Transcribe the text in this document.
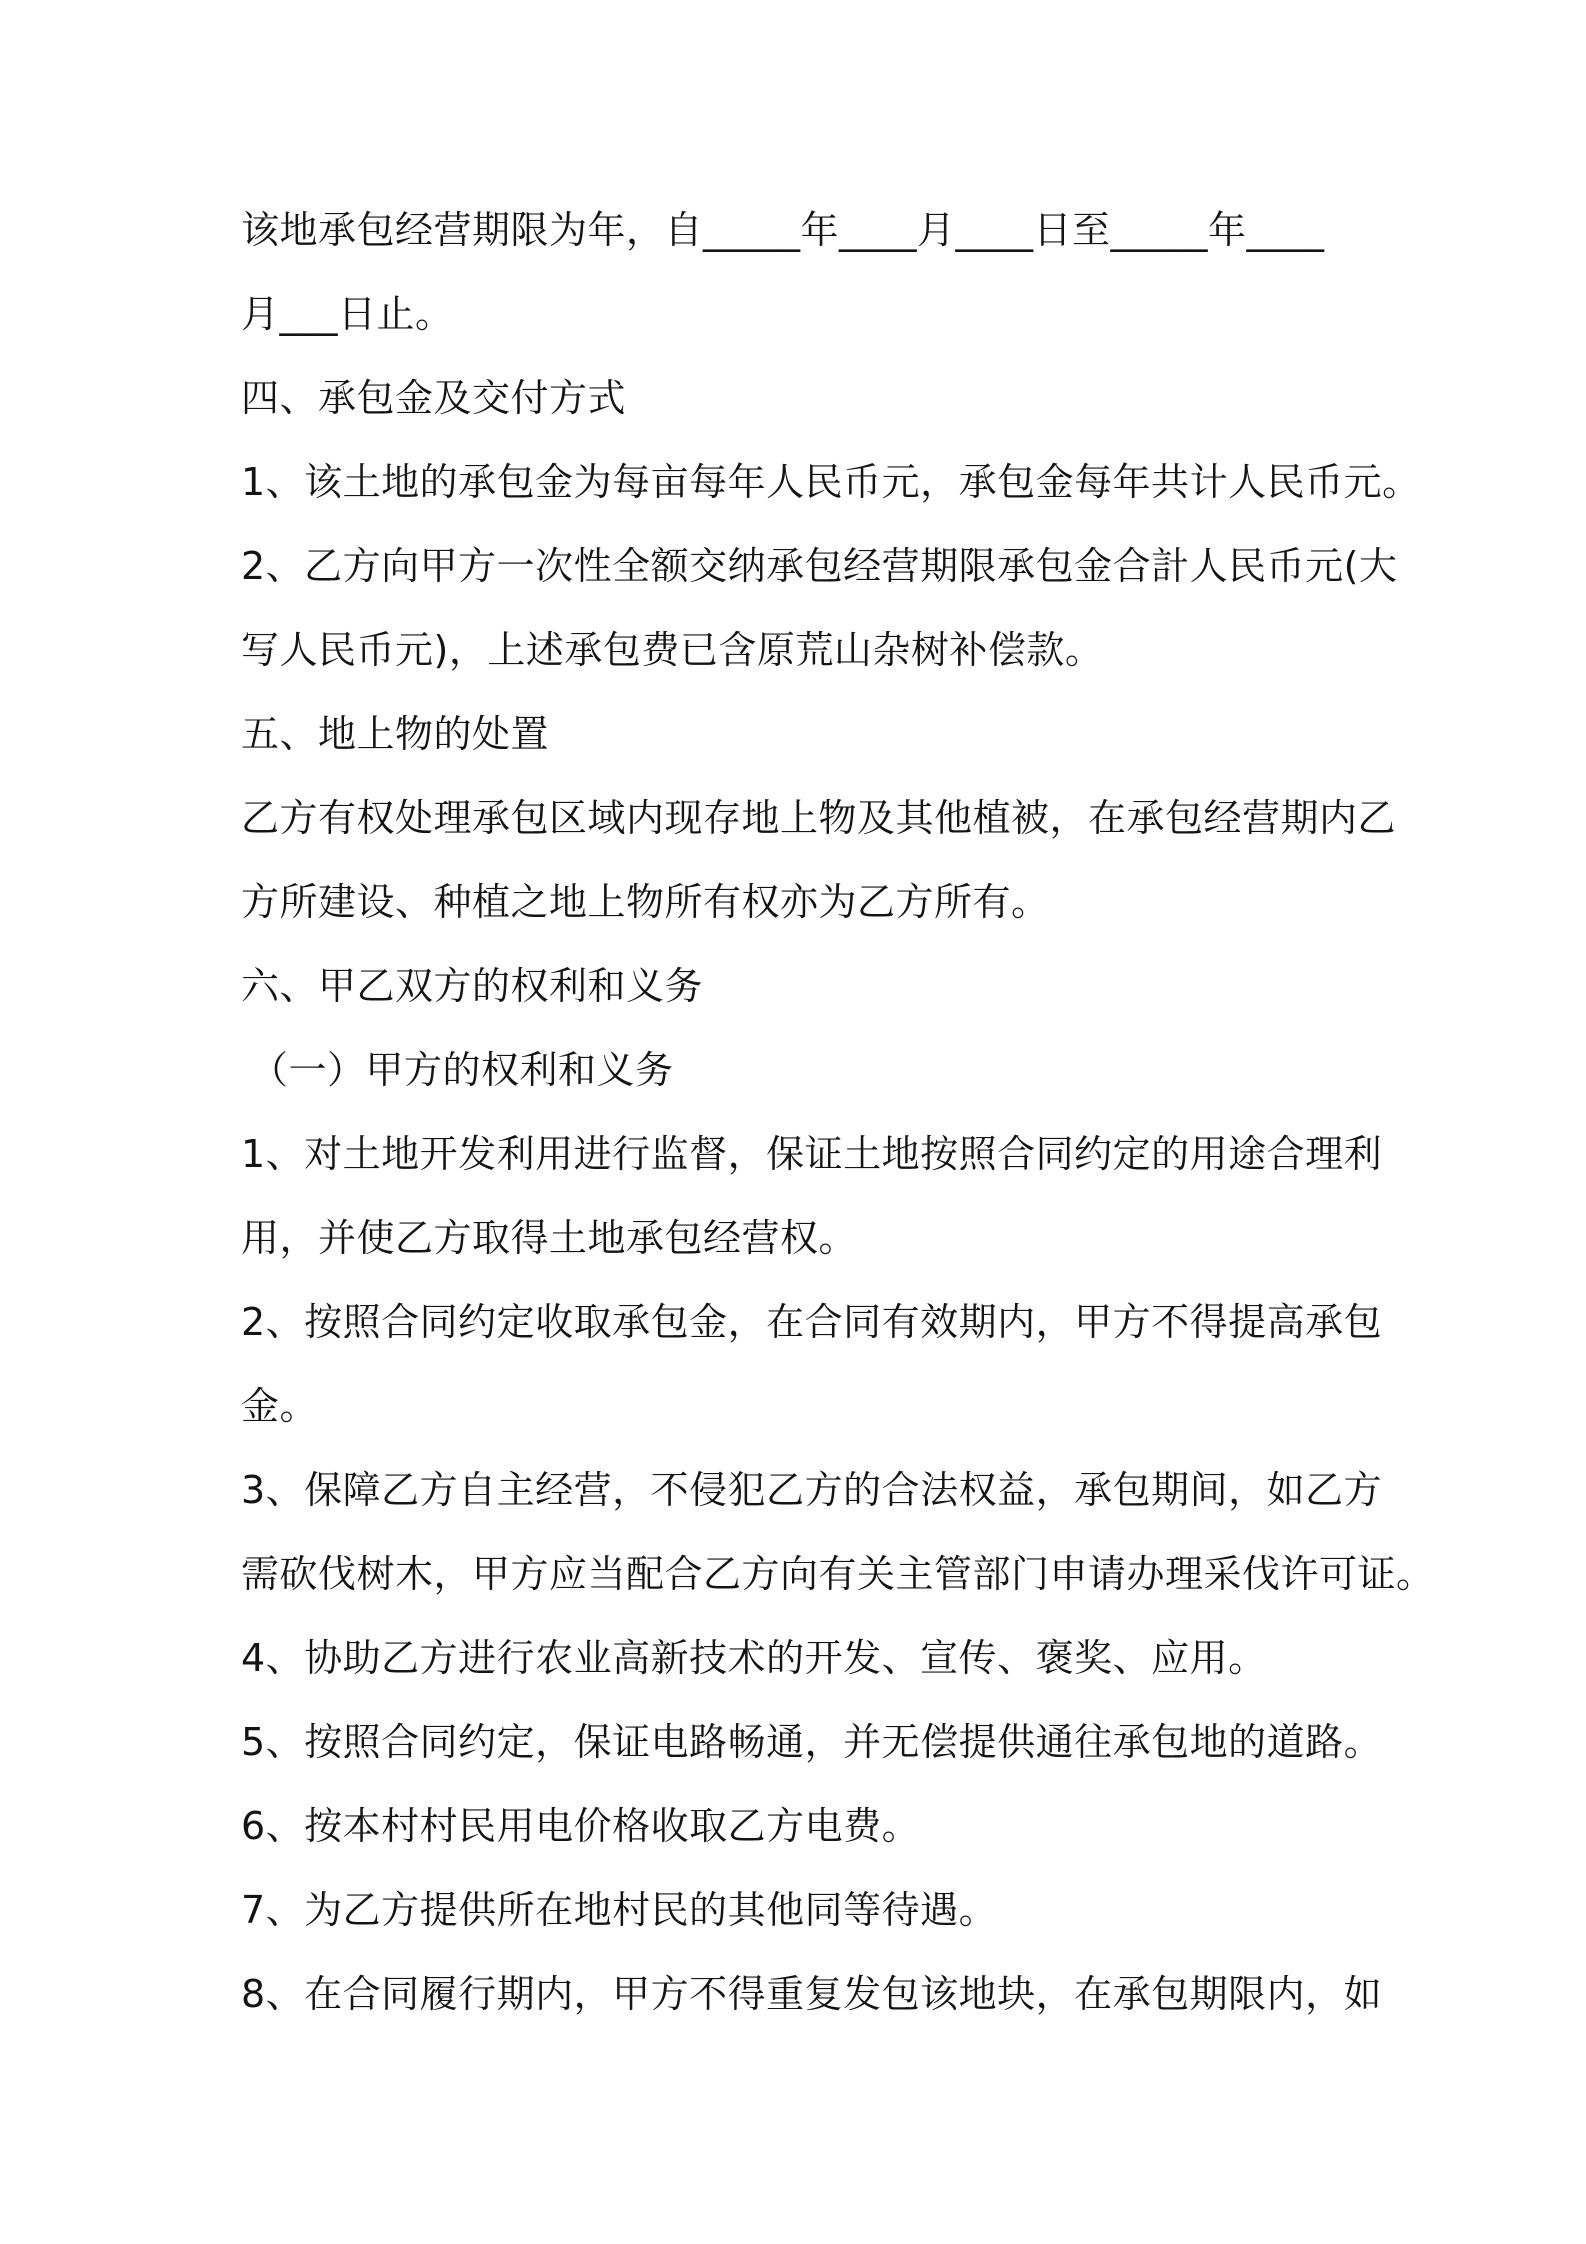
该地承包经营期限为年，自_____年____月____日至_____年____
月___日止。
四、承包金及交付方式
1、该土地的承包金为每亩每年人民币元，承包金每年共计人民币元。
2、乙方向甲方一次性全额交纳承包经营期限承包金合計人民币元(大
写人民币元)，上述承包费已含原荒山杂树补偿款。
五、地上物的处置
乙方有权处理承包区域内现存地上物及其他植被，在承包经营期内乙
方所建设、种植之地上物所有权亦为乙方所有。
六、甲乙双方的权利和义务
（一）甲方的权利和义务
1、对土地开发利用进行监督，保证土地按照合同约定的用途合理利
用，并使乙方取得土地承包经营权。
2、按照合同约定收取承包金，在合同有效期内，甲方不得提高承包
金。
3、保障乙方自主经营，不侵犯乙方的合法权益，承包期间，如乙方
需砍伐树木，甲方应当配合乙方向有关主管部门申请办理采伐许可证。
4、协助乙方进行农业高新技术的开发、宣传、褒奖、应用。
5、按照合同约定，保证电路畅通，并无偿提供通往承包地的道路。
6、按本村村民用电价格收取乙方电费。
7、为乙方提供所在地村民的其他同等待遇。
8、在合同履行期内，甲方不得重复发包该地块，在承包期限内，如
